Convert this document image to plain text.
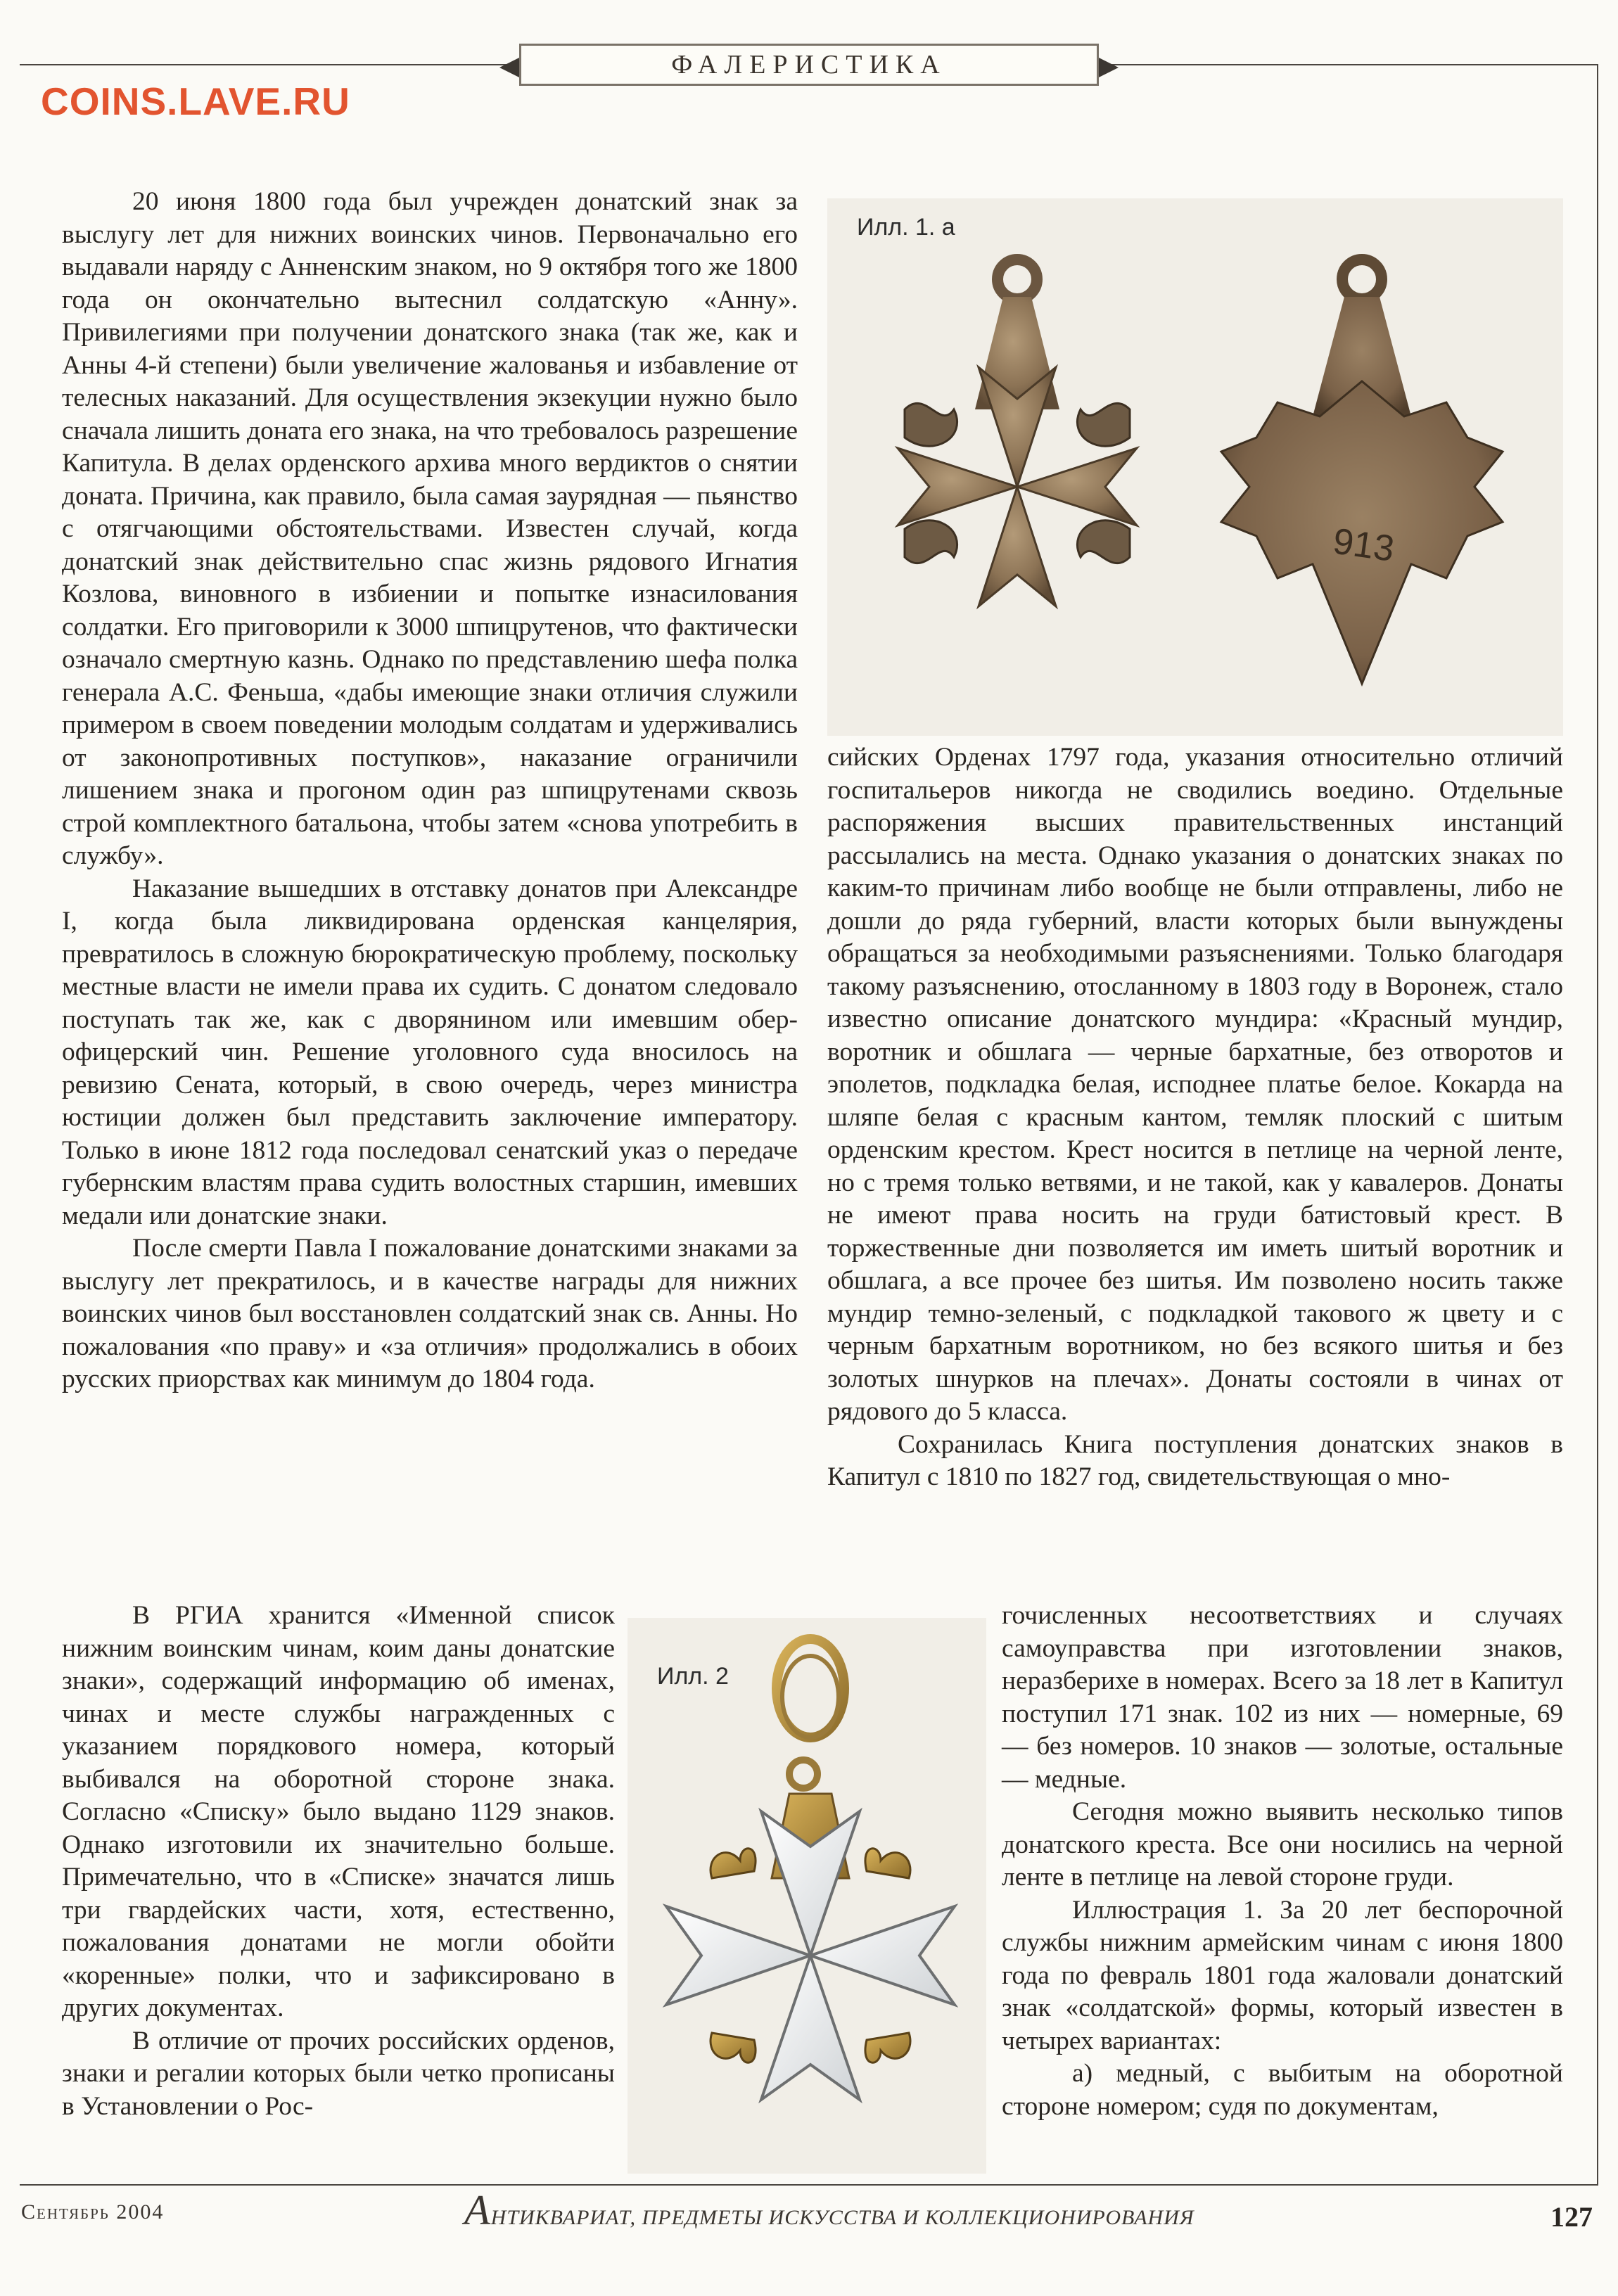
ФАЛЕРИСТИКА
COINS.LAVE.RU

20 июня 1800 года был учрежден донатский знак за выслугу лет для нижних воинских чинов. Первоначально его выдавали наряду с Анненским знаком, но 9 октября того же 1800 года он окончательно вытеснил солдатскую «Анну». Привилегиями при получении донатского знака (так же, как и Анны 4-й степени) были увеличение жалованья и избавление от телесных наказаний. Для осуществления экзекуции нужно было сначала лишить доната его знака, на что требовалось разрешение Капитула. В делах орденского архива много вердиктов о снятии доната. Причина, как правило, была самая заурядная — пьянство с отягчающими обстоятельствами. Известен случай, когда донатский знак действительно спас жизнь рядового Игнатия Козлова, виновного в избиении и попытке изнасилования солдатки. Его приговорили к 3000 шпицрутенов, что фактически означало смертную казнь. Однако по представлению шефа полка генерала А.С. Феньша, «дабы имеющие знаки отличия служили примером в своем поведении молодым солдатам и удерживались от законопротивных поступков», наказание ограничили лишением знака и прогоном один раз шпицрутенами сквозь строй комплектного батальона, чтобы затем «снова употребить в службу».

Наказание вышедших в отставку донатов при Александре I, когда была ликвидирована орденская канцелярия, превратилось в сложную бюрократическую проблему, поскольку местные власти не имели права их судить. С донатом следовало поступать так же, как с дворянином или имевшим обер-офицерский чин. Решение уголовного суда вносилось на ревизию Сената, который, в свою очередь, через министра юстиции должен был представить заключение императору. Только в июне 1812 года последовал сенатский указ о передаче губернским властям права судить волостных старшин, имевших медали или донатские знаки.

После смерти Павла I пожалование донатскими знаками за выслугу лет прекратилось, и в качестве награды для нижних воинских чинов был восстановлен солдатский знак св. Анны. Но пожалования «по праву» и «за отличия» продолжались в обоих русских приорствах как минимум до 1804 года.

В РГИА хранится «Именной список нижним воинским чинам, коим даны донатские знаки», содержащий информацию об именах, чинах и месте службы награжденных с указанием порядкового номера, который выбивался на оборотной стороне знака. Согласно «Списку» было выдано 1129 знаков. Однако изготовили их значительно больше. Примечательно, что в «Списке» значатся лишь три гвардейских части, хотя, естественно, пожалования донатами не могли обойти «коренные» полки, что и зафиксировано в других документах.

В отличие от прочих российских орденов, знаки и регалии которых были четко прописаны в Установлении о Рос-

сийских Орденах 1797 года, указания относительно отличий госпитальеров никогда не сводились воедино. Отдельные распоряжения высших правительственных инстанций рассылались на места. Однако указания о донатских знаках по каким-то причинам либо вообще не были отправлены, либо не дошли до ряда губерний, власти которых были вынуждены обращаться за необходимыми разъяснениями. Только благодаря такому разъяснению, отосланному в 1803 году в Воронеж, стало известно описание донатского мундира: «Красный мундир, воротник и обшлага — черные бархатные, без отворотов и эполетов, подкладка белая, исподнее платье белое. Кокарда на шляпе белая с красным кантом, темляк плоский с шитым орденским крестом. Крест носится в петлице на черной ленте, но с тремя только ветвями, и не такой, как у кавалеров. Донаты не имеют права носить на груди батистовый крест. В торжественные дни позволяется им иметь шитый воротник и обшлага, а все прочее без шитья. Им позволено носить также мундир темно-зеленый, с подкладкой такового ж цвету и с черным бархатным воротником, но без всякого шитья и без золотых шнурков на плечах». Донаты состояли в чинах от рядового до 5 класса.

Сохранилась Книга поступления донатских знаков в Капитул с 1810 по 1827 год, свидетельствующая о мно-

гочисленных несоответствиях и случаях самоуправства при изготовлении знаков, неразберихе в номерах. Всего за 18 лет в Капитул поступил 171 знак. 102 из них — номерные, 69 — без номеров. 10 знаков — золотые, остальные — медные.

Сегодня можно выявить несколько типов донатского креста. Все они носились на черной ленте в петлице на левой стороне груди.

Иллюстрация 1. За 20 лет беспорочной службы нижним армейским чинам с июня 1800 года по февраль 1801 года жаловали донатский знак «солдатской» формы, который известен в четырех вариантах:

а) медный, с выбитым на оборотной стороне номером; судя по документам,

913
Илл. 1. а
Илл. 2
Сентябрь 2004	АНТИКВАРИАТ, ПРЕДМЕТЫ ИСКУССТВА И КОЛЛЕКЦИОНИРОВАНИЯ	127
